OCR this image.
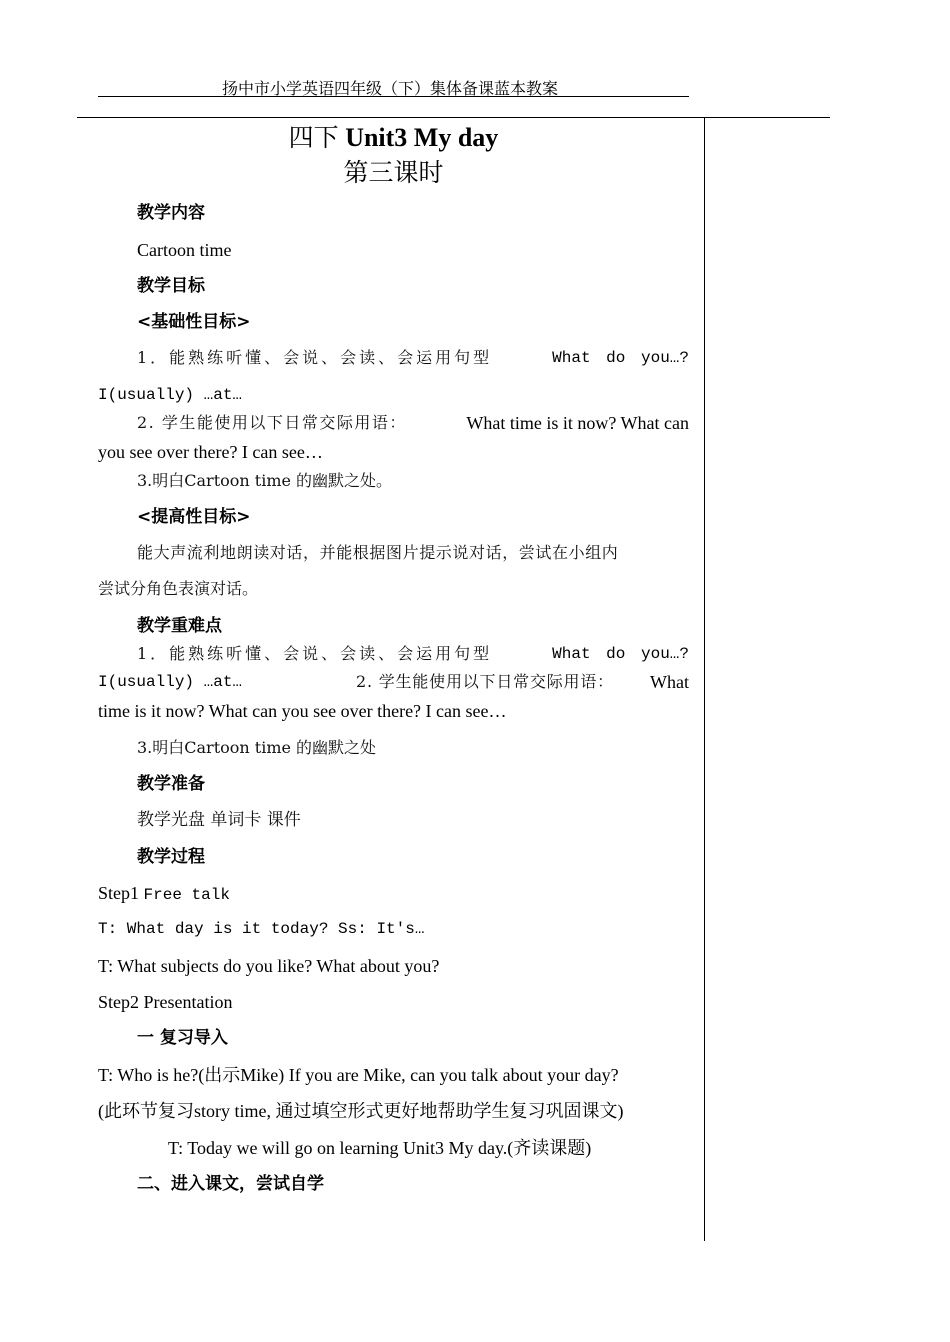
扬中市小学英语四年级（下）集体备课蓝本教案
四下 Unit3 My day
第三课时
教学内容
Cartoon time
教学目标
<基础性目标>
1．能熟练听懂、会说、会读、会运用句型	What do you…?
I(usually) …at…
2. 学生能使用以下日常交际用语：	What time is it now? What can
you see over there? I can see…
3.明白Cartoon time 的幽默之处。
<提高性目标>
能大声流利地朗读对话，并能根据图片提示说对话，尝试在小组内
尝试分角色表演对话。
教学重难点
1．能熟练听懂、会说、会读、会运用句型	What do you…?
I(usually) …at…	2. 学生能使用以下日常交际用语： What
time is it now? What can you see over there? I can see…
3.明白Cartoon time 的幽默之处
教学准备
教学光盘 单词卡 课件
教学过程
Step1 Free talk
T: What day is it today? Ss: It's…
T: What subjects do you like? What about you?
Step2 Presentation
一 复习导入
T: Who is he?(出示Mike) If you are Mike, can you talk about your day?
(此环节复习story time, 通过填空形式更好地帮助学生复习巩固课文)
T: Today we will go on learning Unit3 My day.(齐读课题)
二、进入课文，尝试自学
